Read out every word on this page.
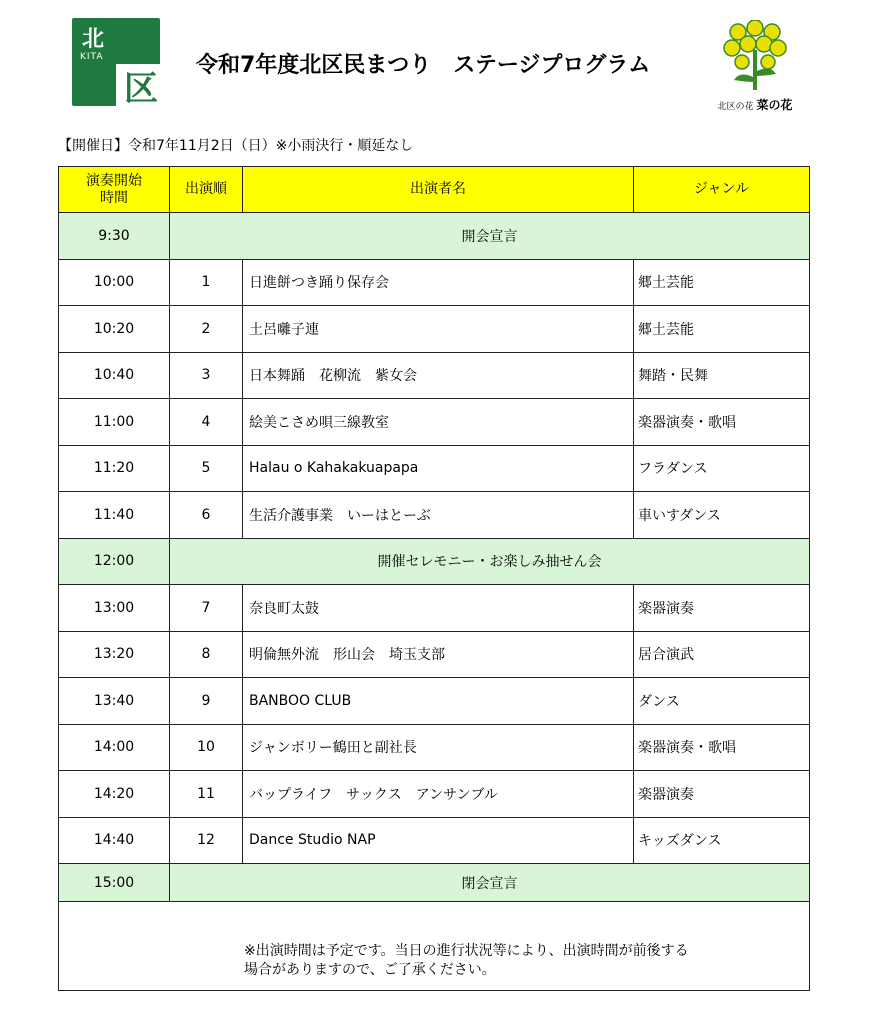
北
KITA
区
令和7年度北区民まつり　ステージプログラム
北区の花 菜の花
【開催日】令和7年11月2日（日）※小雨決行・順延なし
演奏開始
時間	出演順	出演者名	ジャンル
9:30	開会宣言		
10:00	1	日進餅つき踊り保存会	郷土芸能
10:20	2	土呂囃子連	郷土芸能
10:40	3	日本舞踊　花柳流　紫女会	舞踏・民舞
11:00	4	絵美こさめ唄三線教室	楽器演奏・歌唱
11:20	5	Halau o Kahakakuapapa	フラダンス
11:40	6	生活介護事業　いーはとーぶ	車いすダンス
12:00	開催セレモニー・お楽しみ抽せん会		
13:00	7	奈良町太鼓	楽器演奏
13:20	8	明倫無外流　形山会　埼玉支部	居合演武
13:40	9	BANBOO CLUB	ダンス
14:00	10	ジャンボリー鶴田と副社長	楽器演奏・歌唱
14:20	11	バップライフ　サックス　アンサンブル	楽器演奏
14:40	12	Dance Studio NAP	キッズダンス
15:00	閉会宣言		

※出演時間は予定です。当日の進行状況等により、出演時間が前後する
場合がありますので、ご了承ください。			
